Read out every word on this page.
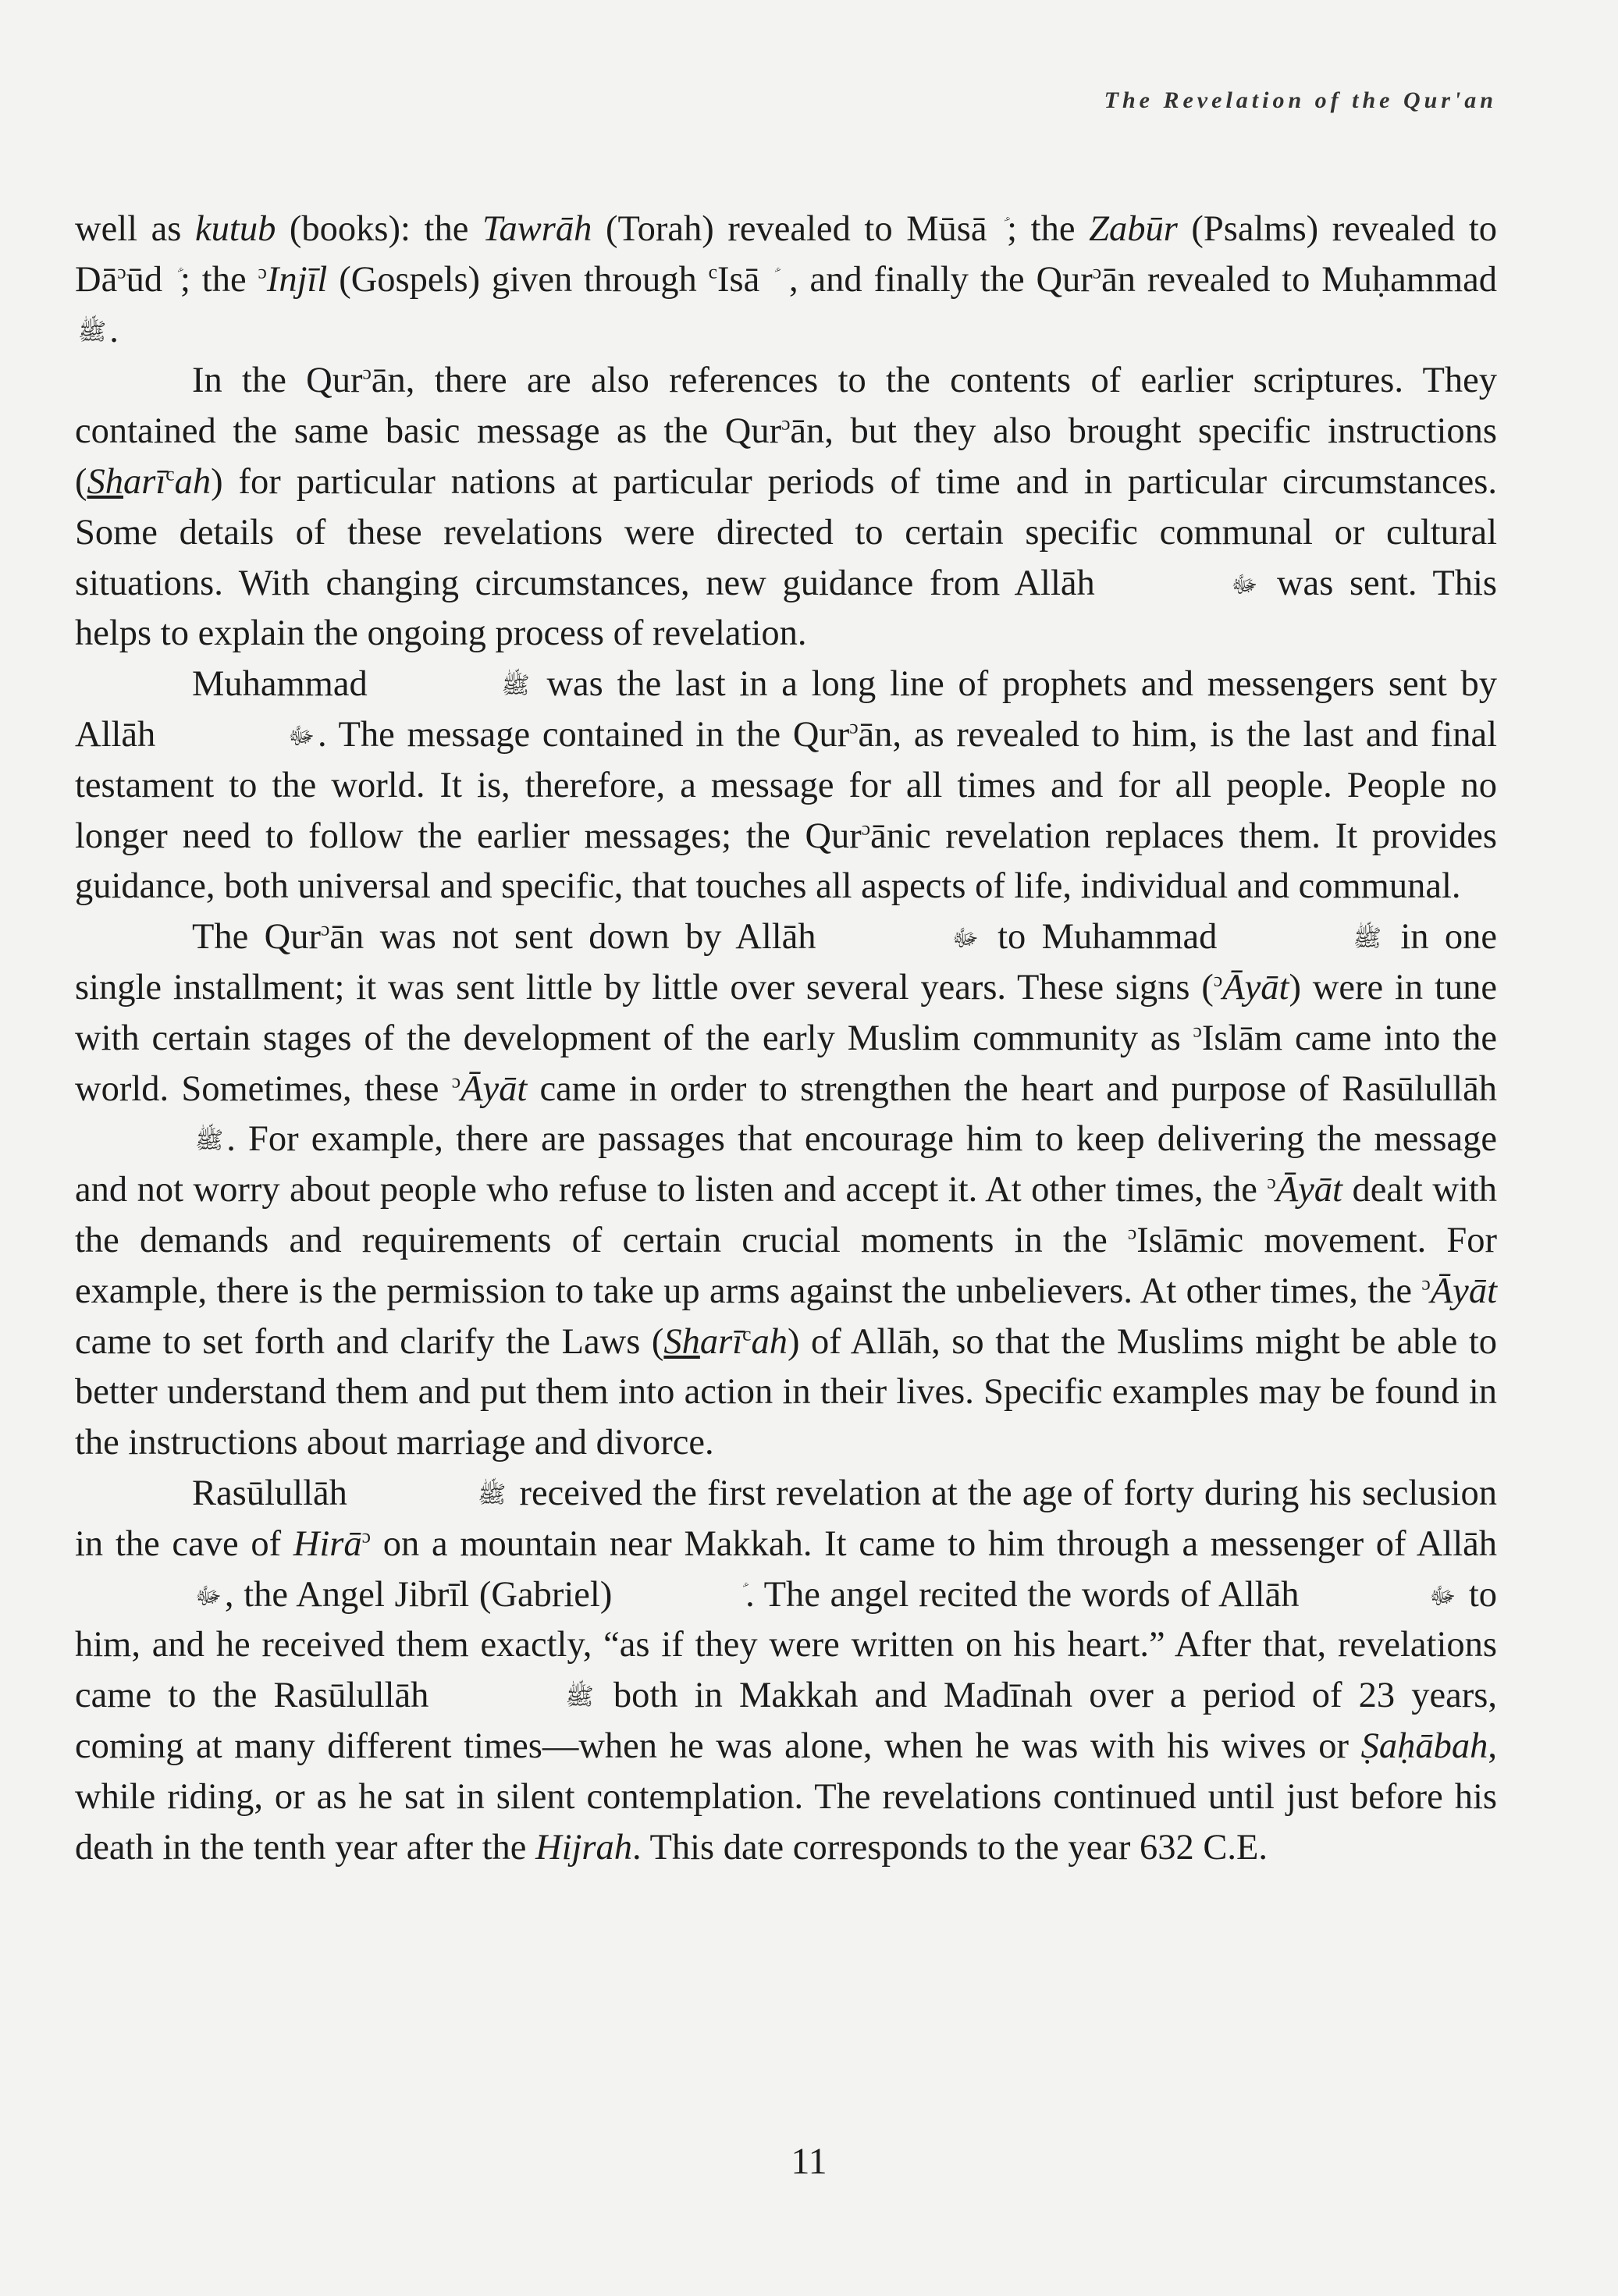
The Revelation of the Qur'an

well as kutub (books): the Tawrāh (Torah) revealed to Mūsā ; the Zabūr (Psalms) revealed to $Dā^ɔūd$ ; the $^ɔ$Injīl (Gospels) given through $^c$Isā  , and finally the Qur$^ɔ$ān revealed to Muḥammad ﷺ.

In the Qur$^ɔ$ān, there are also references to the contents of earlier scriptures. They contained the same basic message as the Qur$^ɔ$ān, but they also brought specific instructions (Sharī$^c$ah) for particular nations at particular periods of time and in particular circumstances. Some details of these revelations were directed to certain specific communal or cultural situations. With changing circumstances, new guidance from Allāh	ﷻ was sent. This helps to explain the ongoing process of revelation.

Muhammad	ﷺ was the last in a long line of prophets and messengers sent by Allāh	ﷻ. The message contained in the Qur$^ɔ$ān, as revealed to him, is the last and final testament to the world. It is, therefore, a message for all times and for all people. People no longer need to follow the earlier messages; the Qur$^ɔ$ānic revelation replaces them. It provides guidance, both universal and specific, that touches all aspects of life, individual and communal.

The Qur$^ɔ$ān was not sent down by Allāh	ﷻ to Muhammad	ﷺ in one single installment; it was sent little by little over several years. These signs ($^ɔ$Āyāt) were in tune with certain stages of the development of the early Muslim community as $^ɔ$Islām came into the world. Sometimes, these $^ɔ$Āyāt came in order to strengthen the heart and purpose of Rasūlullāh ﷺ. For example, there are passages that encourage him to keep delivering the message and not worry about people who refuse to listen and accept it. At other times, the $^ɔ$Āyāt dealt with the demands and requirements of certain crucial moments in the $^ɔ$Islāmic movement. For example, there is the permission to take up arms against the unbelievers. At other times, the $^ɔ$Āyāt came to set forth and clarify the Laws (Sharī$^c$ah) of Allāh, so that the Muslims might be able to better understand them and put them into action in their lives. Specific examples may be found in the instructions about marriage and divorce.

Rasūlullāh	ﷺ received the first revelation at the age of forty during his seclusion in the cave of Hirā$^ɔ$ on a mountain near Makkah. It came to him through a messenger of Allāh ﷻ, the Angel Jibrīl (Gabriel)	. The angel recited the words of Allāh	ﷻ to him, and he received them exactly, “as if they were written on his heart.” After that, revelations came to the Rasūlullāh	ﷺ both in Makkah and Madīnah over a period of 23 years, coming at many different times—when he was alone, when he was with his wives or Ṣaḥābah, while riding, or as he sat in silent contemplation. The revelations continued until just before his death in the tenth year after the Hijrah. This date corresponds to the year 632 C.E.

11
